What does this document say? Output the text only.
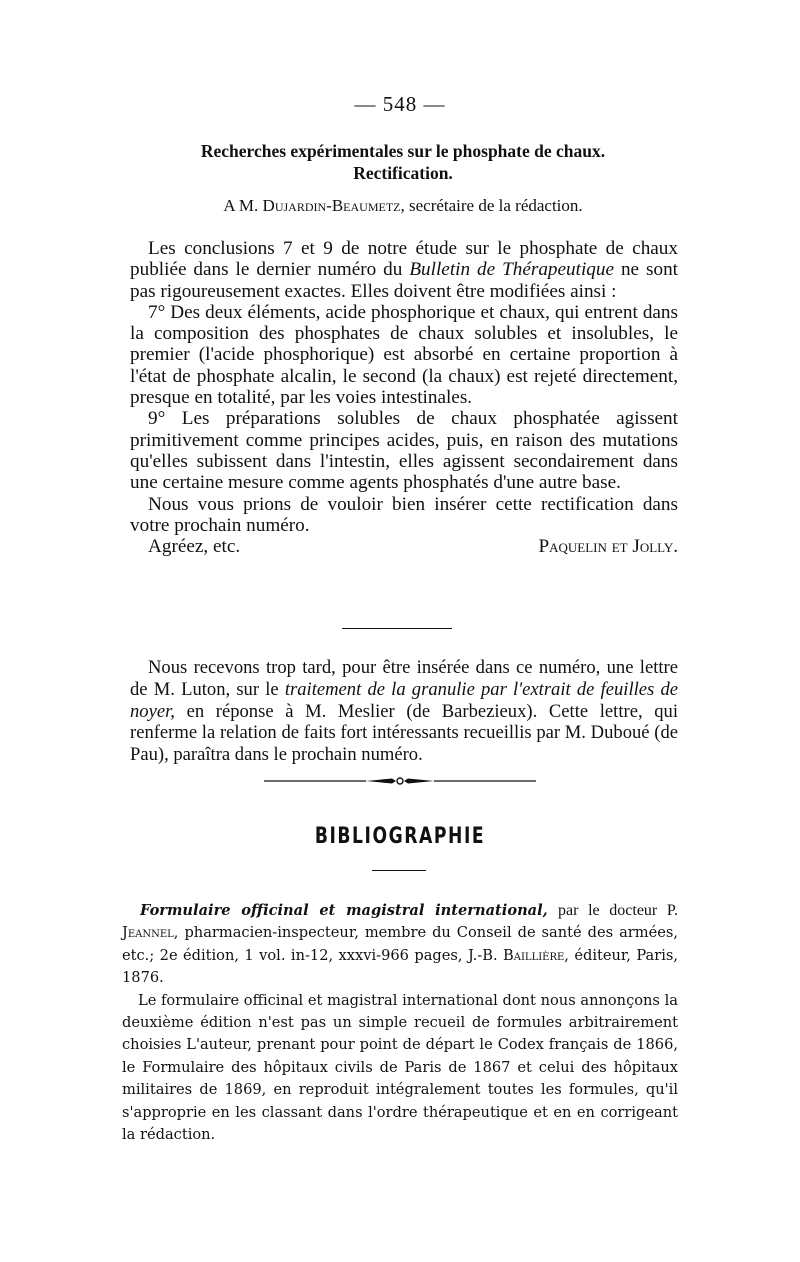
— 548 —
Recherches expérimentales sur le phosphate de chaux.
Rectification.
A M. Dujardin-Beaumetz, secrétaire de la rédaction.

Les conclusions 7 et 9 de notre étude sur le phosphate de chaux publiée dans le dernier numéro du Bulletin de Thérapeutique ne sont pas rigoureusement exactes. Elles doivent être modifiées ainsi :

7° Des deux éléments, acide phosphorique et chaux, qui entrent dans la composition des phosphates de chaux solubles et insolubles, le premier (l'acide phosphorique) est absorbé en certaine proportion à l'état de phosphate alcalin, le second (la chaux) est rejeté directement, presque en totalité, par les voies intestinales.

9° Les préparations solubles de chaux phosphatée agissent primitivement comme principes acides, puis, en raison des mutations qu'elles subissent dans l'intestin, elles agissent secondairement dans une certaine mesure comme agents phosphatés d'une autre base.

Nous vous prions de vouloir bien insérer cette rectification dans votre prochain numéro.

Agréez, etc.	Paquelin et Jolly.

Nous recevons trop tard, pour être insérée dans ce numéro, une lettre de M. Luton, sur le traitement de la granulie par l'extrait de feuilles de noyer, en réponse à M. Meslier (de Barbezieux). Cette lettre, qui renferme la relation de faits fort intéressants recueillis par M. Duboué (de Pau), paraîtra dans le prochain numéro.

BIBLIOGRAPHIE

Formulaire officinal et magistral international, par le docteur P. Jeannel, pharmacien-inspecteur, membre du Conseil de santé des armées, etc.; 2e édition, 1 vol. in-12, xxxvi-966 pages, J.-B. Baillière, éditeur, Paris, 1876.

Le formulaire officinal et magistral international dont nous annonçons la deuxième édition n'est pas un simple recueil de formules arbitrairement choisies L'auteur, prenant pour point de départ le Codex français de 1866, le Formulaire des hôpitaux civils de Paris de 1867 et celui des hôpitaux militaires de 1869, en reproduit intégralement toutes les formules, qu'il s'approprie en les classant dans l'ordre thérapeutique et en en corrigeant la rédaction.
